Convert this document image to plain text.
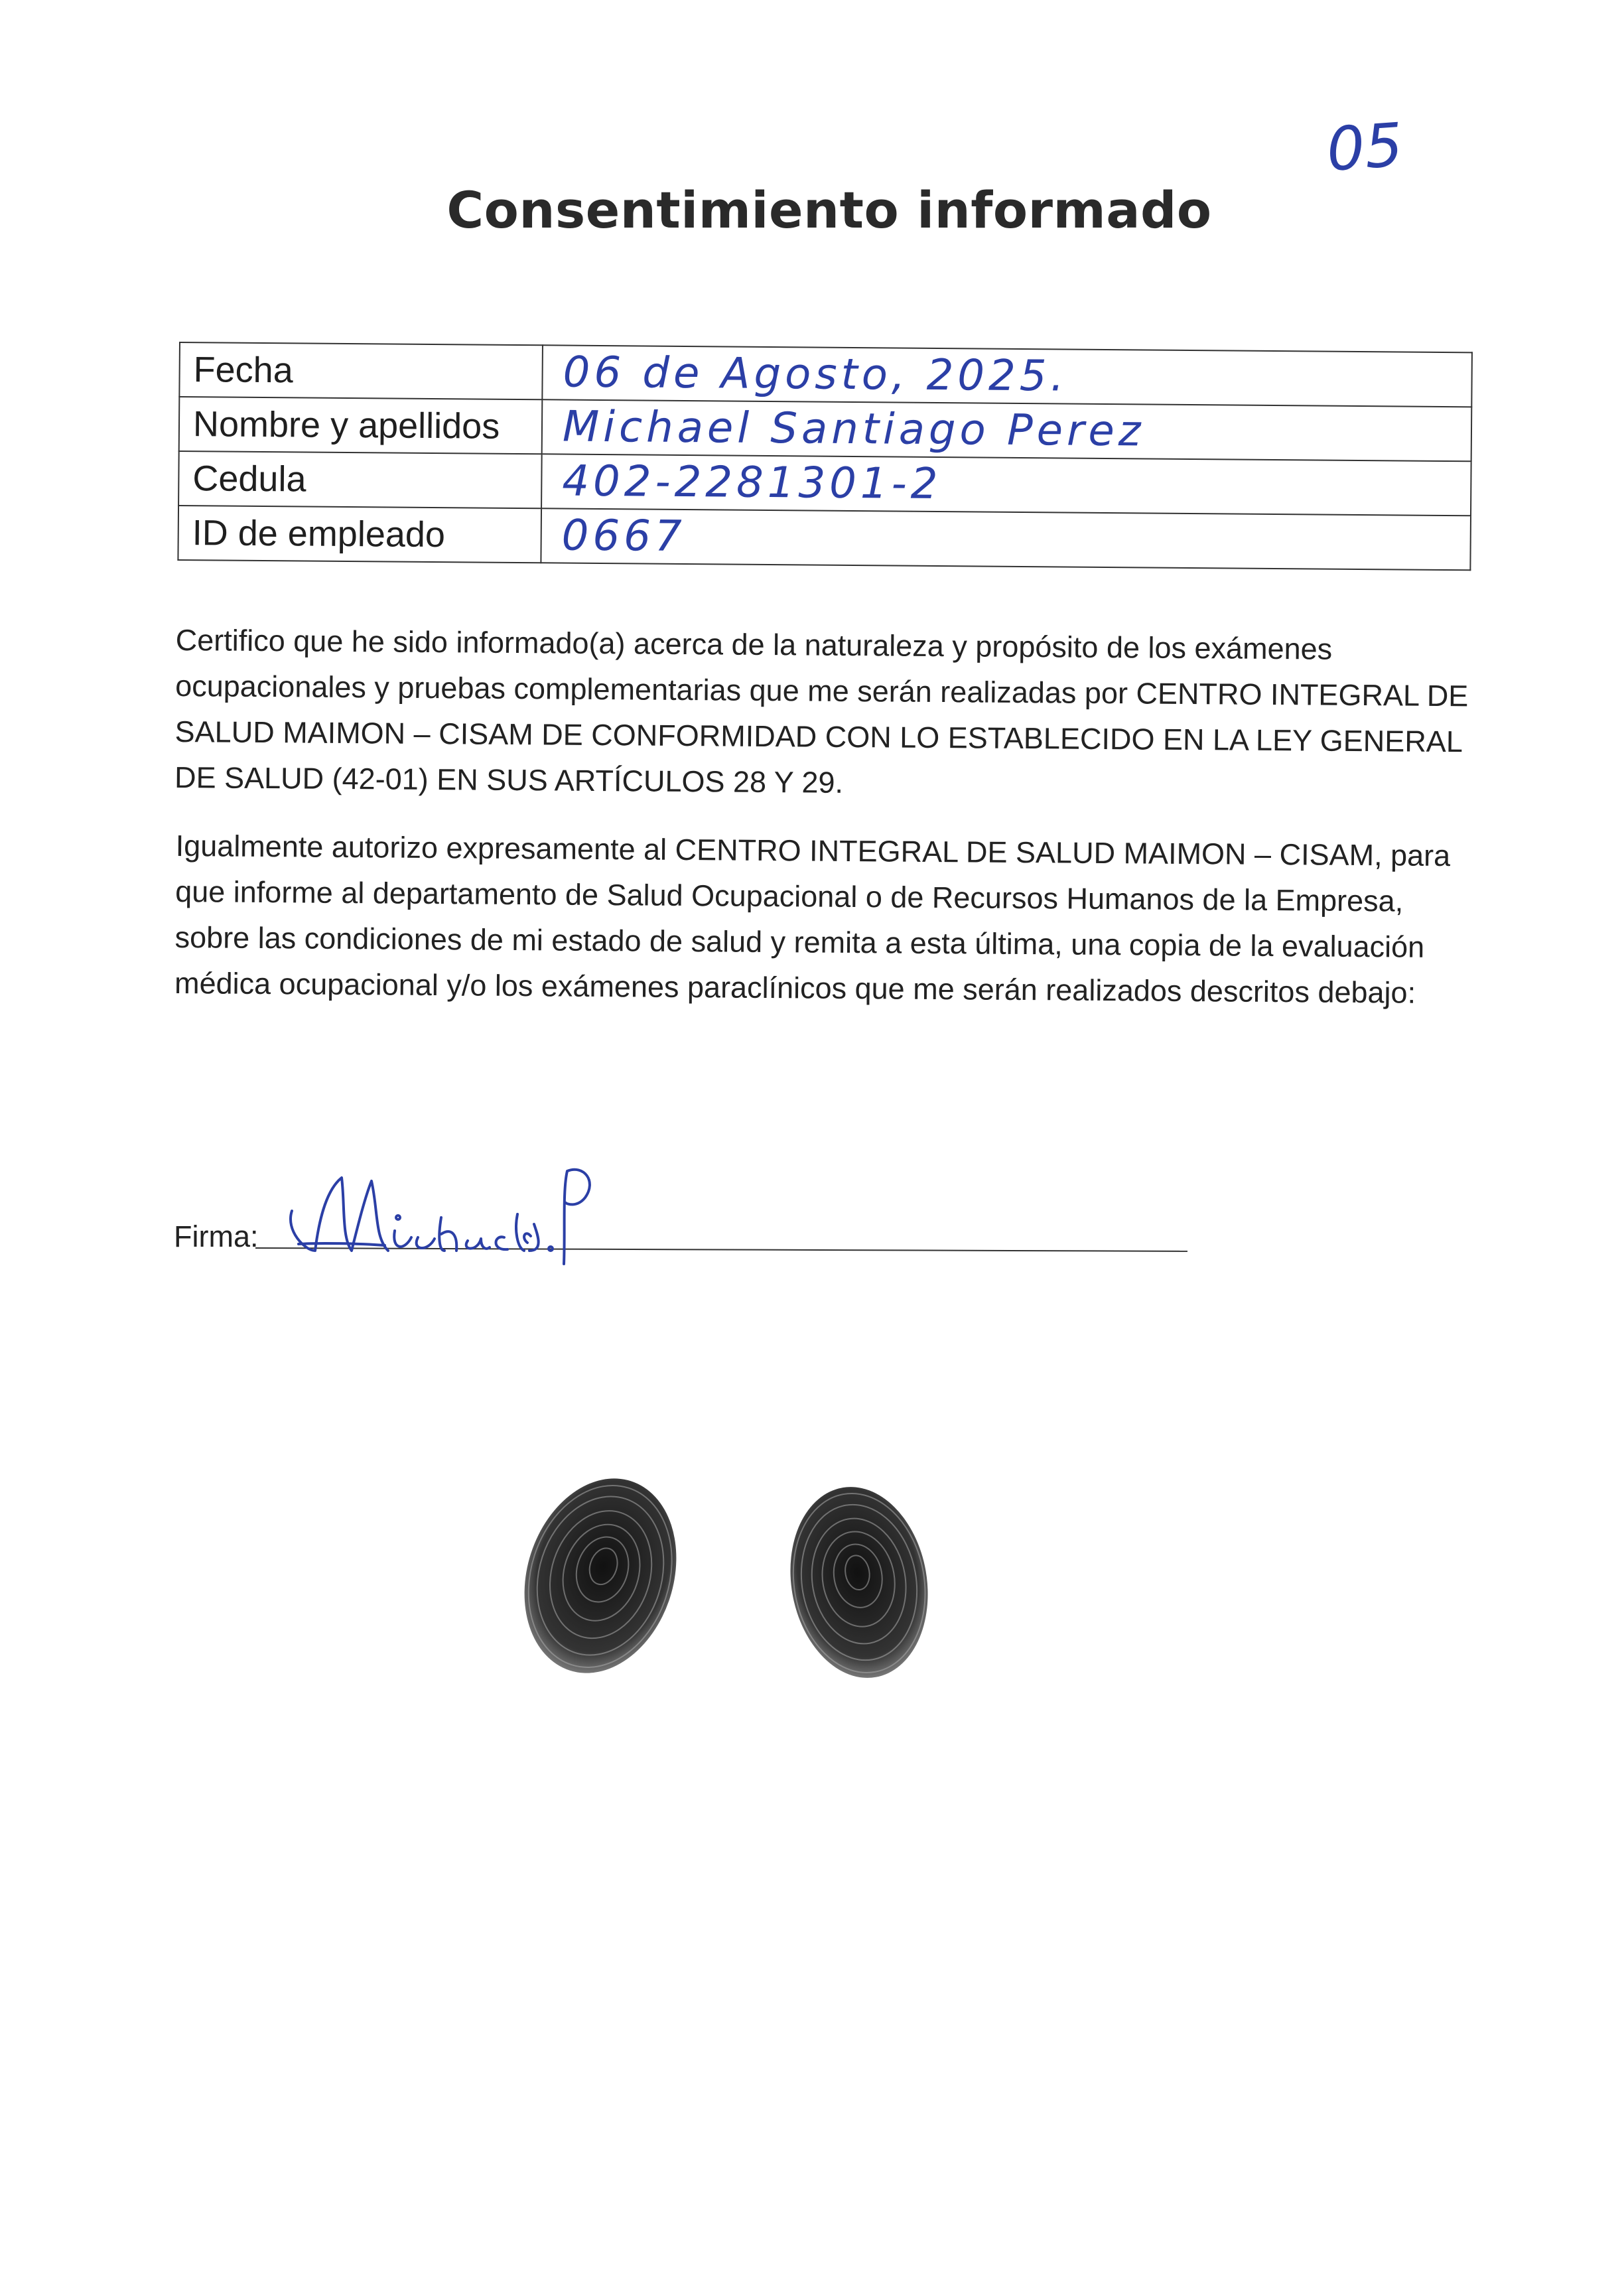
05
Consentimiento informado
Fecha	06 de Agosto, 2025.
Nombre y apellidos	Michael Santiago Perez
Cedula	402-2281301-2
ID de empleado	0667

Certifico que he sido informado(a) acerca de la naturaleza y propósito de los exámenes ocupacionales y pruebas complementarias que me serán realizadas por CENTRO INTEGRAL DE SALUD MAIMON – CISAM DE CONFORMIDAD CON LO ESTABLECIDO EN LA LEY GENERAL DE SALUD (42-01) EN SUS ARTÍCULOS 28 Y 29.

Igualmente autorizo expresamente al CENTRO INTEGRAL DE SALUD MAIMON – CISAM, para que informe al departamento de Salud Ocupacional o de Recursos Humanos de la Empresa, sobre las condiciones de mi estado de salud y remita a esta última, una copia de la evaluación médica ocupacional y/o los exámenes paraclínicos que me serán realizados descritos debajo:

Firma:
